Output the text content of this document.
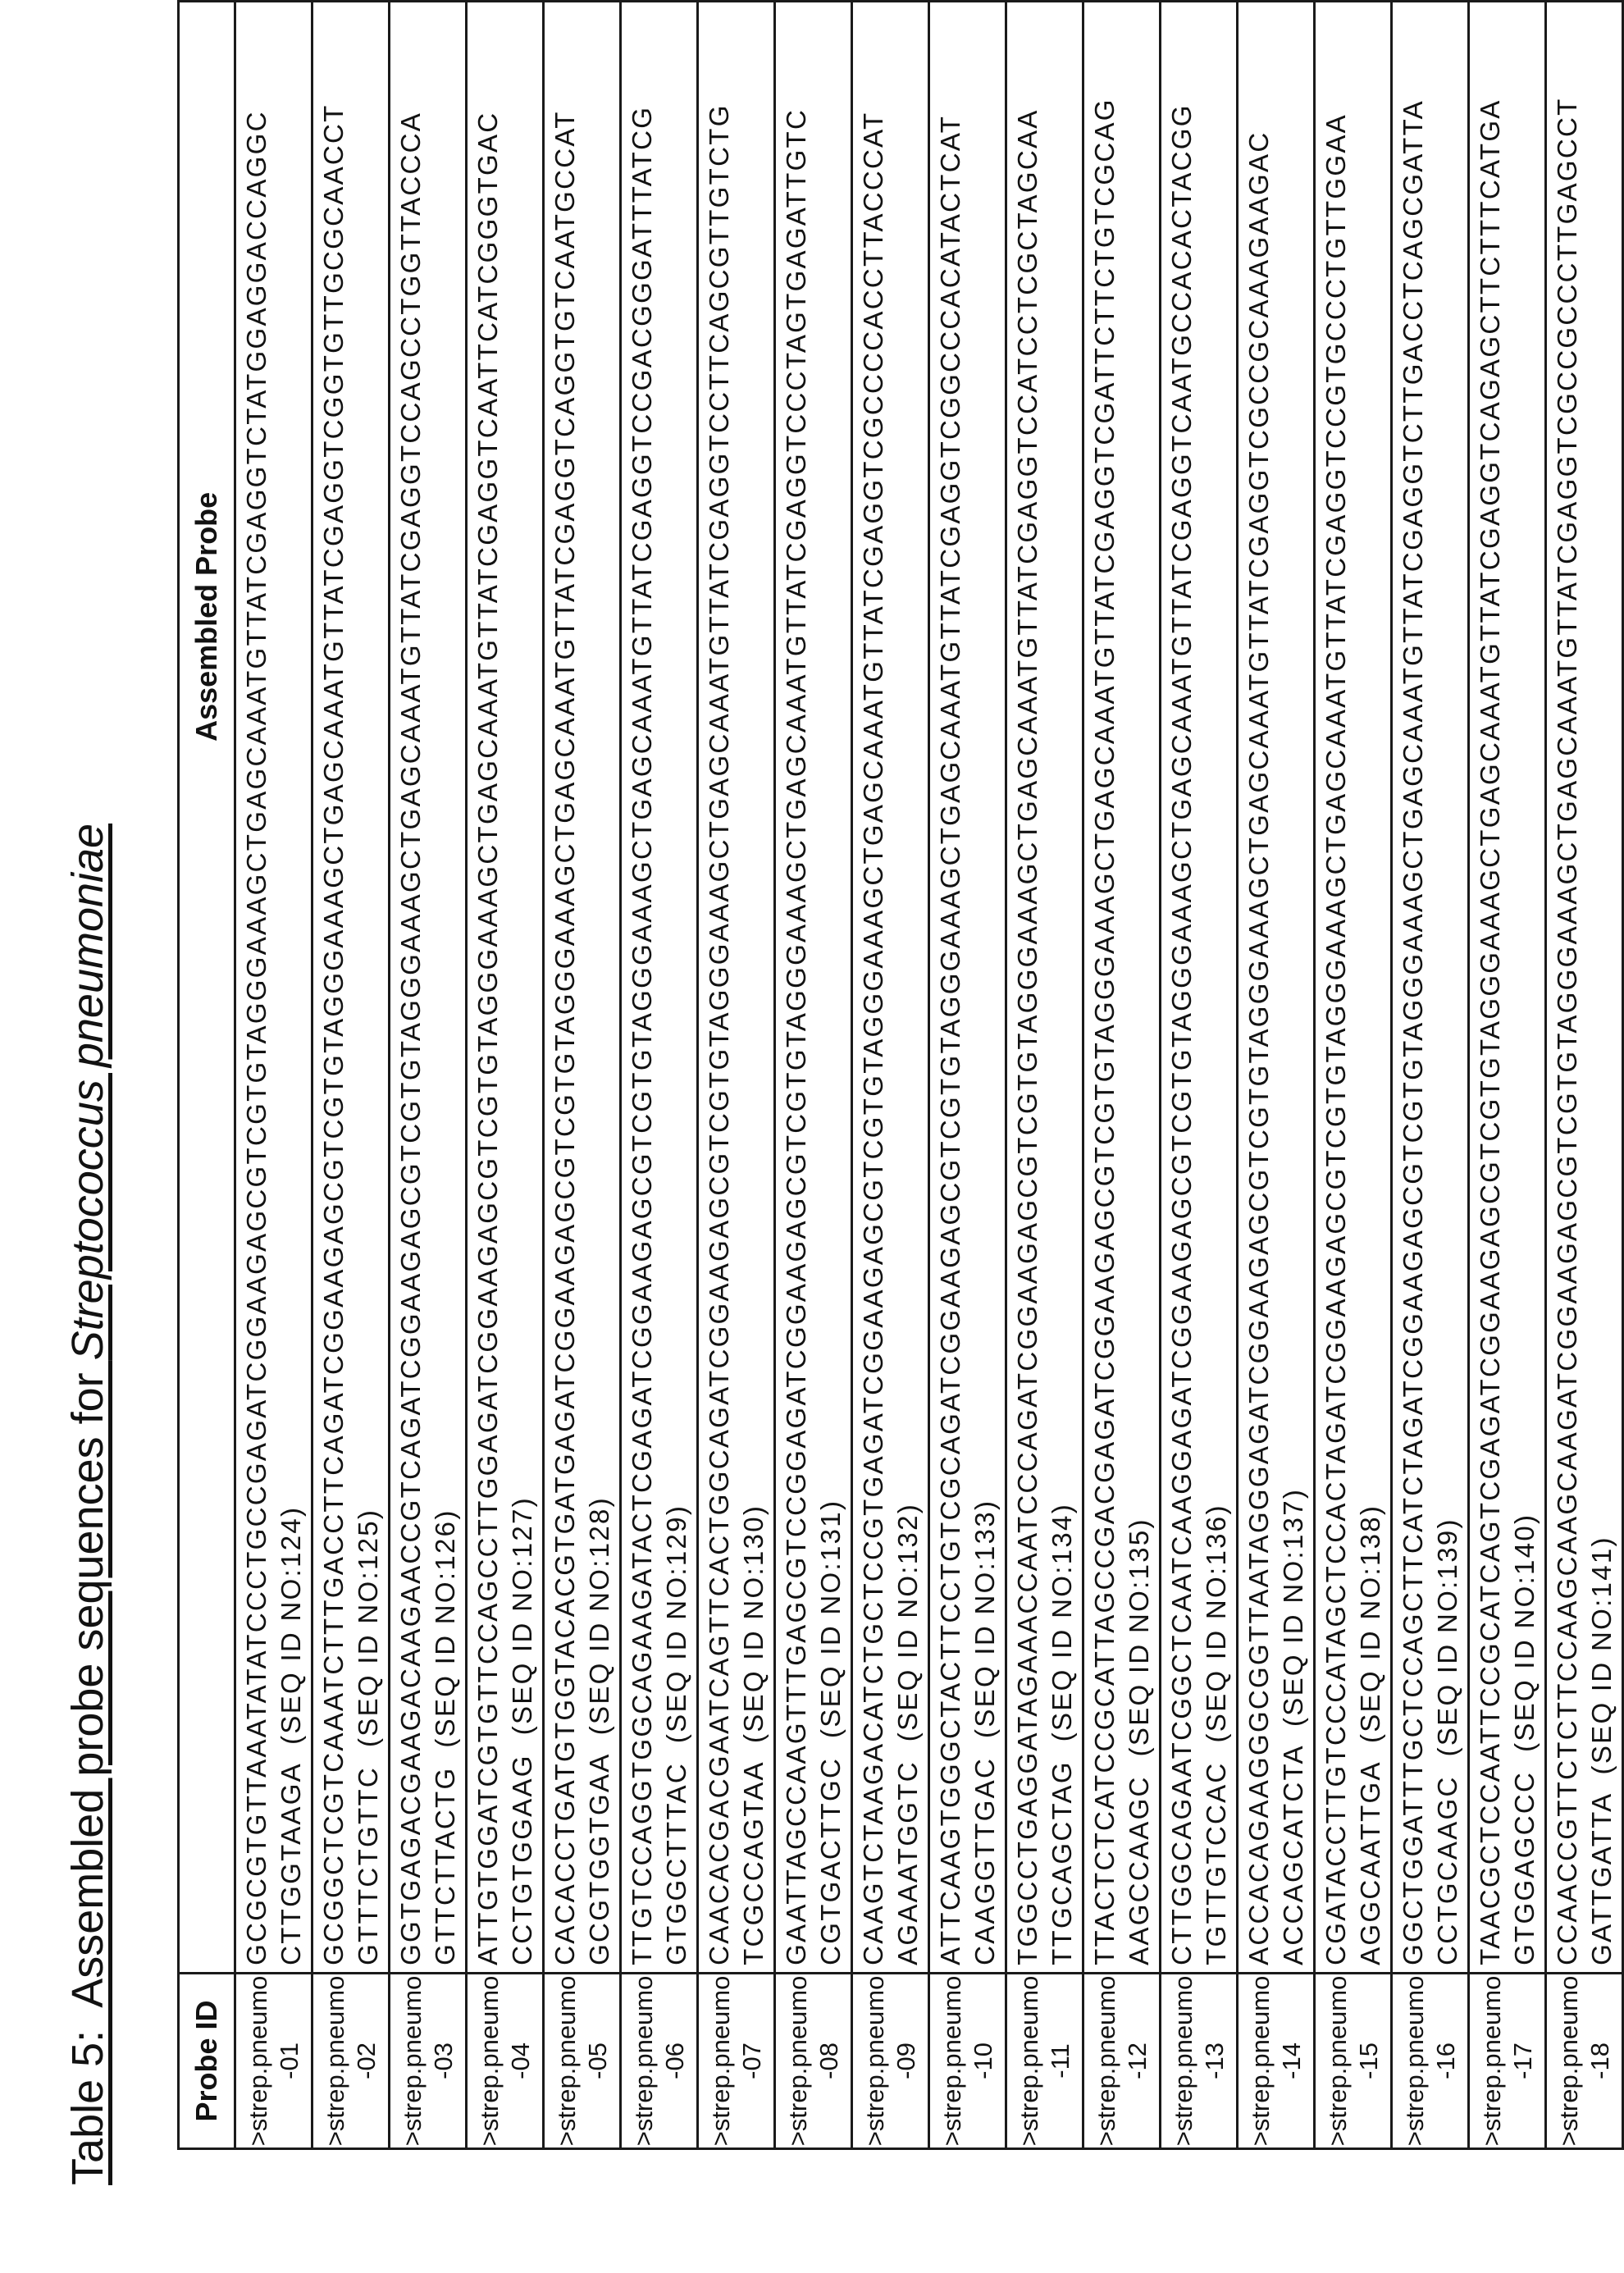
Table 5:  Assembled probe sequences for Streptococcus pneumoniae

Probe ID	Assembled Probe

>strep.pneumo -01

GCGCGTGTTAAATATATCCCTGCCGAGATCGGAAGAGCGTCGTGTAGGGAAAGCTGAGCAAATGTTATCGAGGTCTATGGAGGACCAGGC CTTGGTAAGA  (SEQ ID NO:124)

>strep.pneumo -02

GCGGCTCGTCAAATCTTTGACCTTCAGATCGGAAGAGCGTCGTGTAGGGAAAGCTGAGCAAATGTTATCGAGGTCGGTGTTGCGCAACCT GTTTCTGTTC  (SEQ ID NO:125)

>strep.pneumo -03

GGTGAGACGAAGACAAGAACCGTCAGATCGGAAGAGCGTCGTGTAGGGAAAGCTGAGCAAATGTTATCGAGGTCCAGCCTGGTTACCCA GTTCTTACTG  (SEQ ID NO:126)

>strep.pneumo -04

ATTGTGGATCGTGTTCCAGCCTTGGAGATCGGAAGAGCGTCGTGTAGGGAAAGCTGAGCAAATGTTATCGAGGTCAATTCATCGGGTGAC CCTGTGGAAG  (SEQ ID NO:127)

>strep.pneumo -05

CACACCTGATGTGGTACACGTGATGAGATCGGAAGAGCGTCGTGTAGGGAAAGCTGAGCAAATGTTATCGAGGTCAGGTGTCAATGCCAT GCGTGGTGAA  (SEQ ID NO:128)

>strep.pneumo -06

TTGTCCAGGTGGCAGAAGATACTCGAGATCGGAAGAGCGTCGTGTAGGGAAAGCTGAGCAAATGTTATCGAGGTCCGACGGGATTTATCG GTGGCTTTAC  (SEQ ID NO:129)

>strep.pneumo -07

CAACACGACGAATCAGTTCACTGGCAGATCGGAAGAGCGTCGTGTAGGGAAAGCTGAGCAAATGTTATCGAGGTCCTTCAGCGTTGTCTG TCGCCAGTAA  (SEQ ID NO:130)

>strep.pneumo -08

GAATTAGCCAAGTTTGAGCGTCCGGAGATCGGAAGAGCGTCGTGTAGGGAAAGCTGAGCAAATGTTATCGAGGTCCCTAGTGAGATTGTC CGTGACTTGC  (SEQ ID NO:131)

>strep.pneumo -09

CAAGTCTAAGACATCTGCTCCGTGAGATCGGAAGAGCGTCGTGTAGGGAAAGCTGAGCAAATGTTATCGAGGTCGCCCCACCTTACCCAT AGAAATGGTC  (SEQ ID NO:132)

>strep.pneumo -10

ATTCAAGTGGGCTACTTCCTGTCGCAGATCGGAAGAGCGTCGTGTAGGGAAAGCTGAGCAAATGTTATCGAGGTCGGCCCACATACTCAT CAAGGTTGAC  (SEQ ID NO:133)

>strep.pneumo -11

TGGCCTGAGGATAGAAACCAATCCCAGATCGGAAGAGCGTCGTGTAGGGAAAGCTGAGCAAATGTTATCGAGGTCCATCCTCGCTAGCAA TTGCAGCTAG  (SEQ ID NO:134)

>strep.pneumo -12

TTACTCTCATCCGCATTAGCCGACGAGATCGGAAGAGCGTCGTGTAGGGAAAGCTGAGCAAATGTTATCGAGGTCGATTCTTCTGTCGCAG AAGCCAAGC  (SEQ ID NO:135)

>strep.pneumo -13

CTTGGCAGAATCGGCTCAATCAAGGAGATCGGAAGAGCGTCGTGTAGGGAAAGCTGAGCAAATGTTATCGAGGTCAATGCCACACTACGG TGTTGTCCAC  (SEQ ID NO:136)

>strep.pneumo -14

ACCACAGAAGGGCGGTTAATAGGGAGATCGGAAGAGCGTCGTGTAGGGAAAGCTGAGCAAATGTTATCGAGGTCGCCGCAAAGAAGAC ACCAGCATCTA  (SEQ ID NO:137)

>strep.pneumo -15

CGATACCTTGTCCCATAGCTCCACTAGATCGGAAGAGCGTCGTGTAGGGAAAGCTGAGCAAATGTTATCGAGGTCCGTGCCCTGTTGGAA AGGCAATTGA  (SEQ ID NO:138)

>strep.pneumo -16

GGCTGGATTTGCTCCAGCTTCATCTAGATCGGAAGAGCGTCGTGTAGGGAAAGCTGAGCAAATGTTATCGAGGTCTTGACCTCAGCGATTA CCTGCAAGC  (SEQ ID NO:139)

>strep.pneumo -17

TAACGCTCCAATTCCGCATCAGTCGAGATCGGAAGAGCGTCGTGTAGGGAAAGCTGAGCAAATGTTATCGAGGTCAGAGCTTCTTTCATGA GTGGAGCCC  (SEQ ID NO:140)

>strep.pneumo -18

CCAACCGTTCTCTTCCAAGCAAGCAAGATCGGAAGAGCGTCGTGTAGGGAAAGCTGAGCAAATGTTATCGAGGTCGCCGCCCTTGAGCCT GATTGATTA  (SEQ ID NO:141)
